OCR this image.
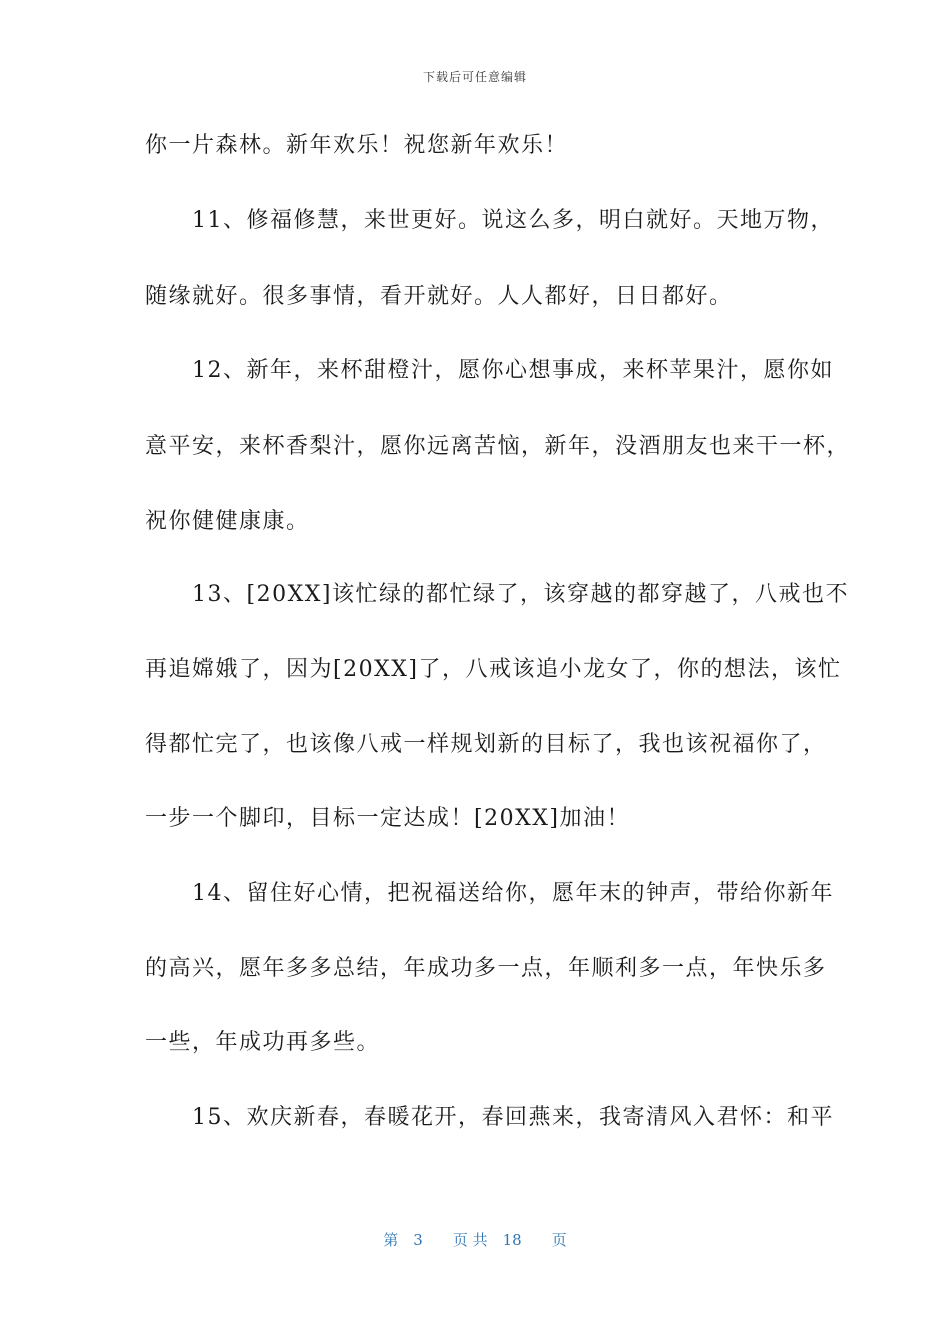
下载后可任意编辑
你一片森林。新年欢乐！祝您新年欢乐！
　　11、修福修慧，来世更好。说这么多，明白就好。天地万物，
随缘就好。很多事情，看开就好。人人都好，日日都好。
　　12、新年，来杯甜橙汁，愿你心想事成，来杯苹果汁，愿你如
意平安，来杯香梨汁，愿你远离苦恼，新年，没酒朋友也来干一杯，
祝你健健康康。
　　13、[20XX]该忙绿的都忙绿了，该穿越的都穿越了，八戒也不
再追嫦娥了，因为[20XX]了，八戒该追小龙女了，你的想法，该忙
得都忙完了，也该像八戒一样规划新的目标了，我也该祝福你了，
一步一个脚印，目标一定达成！[20XX]加油！
　　14、留住好心情，把祝福送给你，愿年末的钟声，带给你新年
的高兴，愿年多多总结，年成功多一点，年顺利多一点，年快乐多
一些，年成功再多些。
　　15、欢庆新春，春暖花开，春回燕来，我寄清风入君怀：和平
第　3　　页 共　18　　页
